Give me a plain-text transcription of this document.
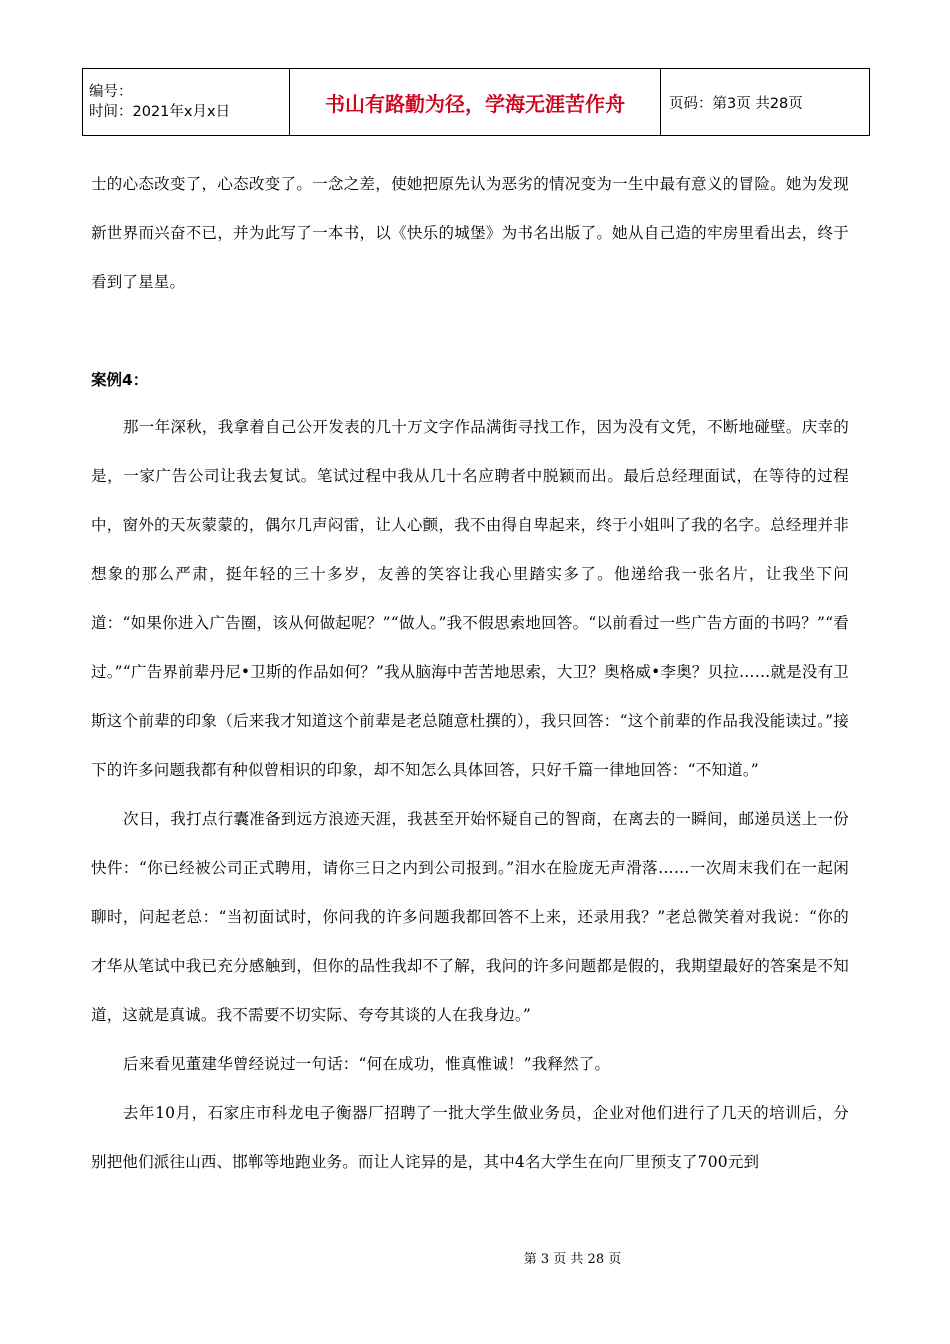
编号：
时间：2021年x月x日	书山有路勤为径，学海无涯苦作舟	页码：第3页 共28页

士的心态改变了，心态改变了。一念之差，使她把原先认为恶劣的情况变为一生中最有意义的冒险。她为发现新世界而兴奋不已，并为此写了一本书，以《快乐的城堡》为书名出版了。她从自己造的牢房里看出去，终于看到了星星。

案例4：

那一年深秋，我拿着自己公开发表的几十万文字作品满街寻找工作，因为没有文凭，不断地碰壁。庆幸的是，一家广告公司让我去复试。笔试过程中我从几十名应聘者中脱颖而出。最后总经理面试，在等待的过程中，窗外的天灰蒙蒙的，偶尔几声闷雷，让人心颤，我不由得自卑起来，终于小姐叫了我的名字。总经理并非想象的那么严肃，挺年轻的三十多岁，友善的笑容让我心里踏实多了。他递给我一张名片，让我坐下问道：“如果你进入广告圈，该从何做起呢？”“做人。”我不假思索地回答。“以前看过一些广告方面的书吗？”“看过。”“广告界前辈丹尼•卫斯的作品如何？”我从脑海中苦苦地思索，大卫？奥格威•李奥？贝拉……就是没有卫斯这个前辈的印象（后来我才知道这个前辈是老总随意杜撰的），我只回答：“这个前辈的作品我没能读过。”接下的许多问题我都有种似曾相识的印象，却不知怎么具体回答，只好千篇一律地回答：“不知道。”

次日，我打点行囊准备到远方浪迹天涯，我甚至开始怀疑自己的智商，在离去的一瞬间，邮递员送上一份快件：“你已经被公司正式聘用，请你三日之内到公司报到。”泪水在脸庞无声滑落……一次周末我们在一起闲聊时，问起老总：“当初面试时，你问我的许多问题我都回答不上来，还录用我？”老总微笑着对我说：“你的才华从笔试中我已充分感触到，但你的品性我却不了解，我问的许多问题都是假的，我期望最好的答案是不知道，这就是真诚。我不需要不切实际、夸夸其谈的人在我身边。”

后来看见董建华曾经说过一句话：“何在成功，惟真惟诚！”我释然了。

去年10月，石家庄市科龙电子衡器厂招聘了一批大学生做业务员，企业对他们进行了几天的培训后，分别把他们派往山西、邯郸等地跑业务。而让人诧异的是，其中4名大学生在向厂里预支了700元到

第 3 页 共 28 页
